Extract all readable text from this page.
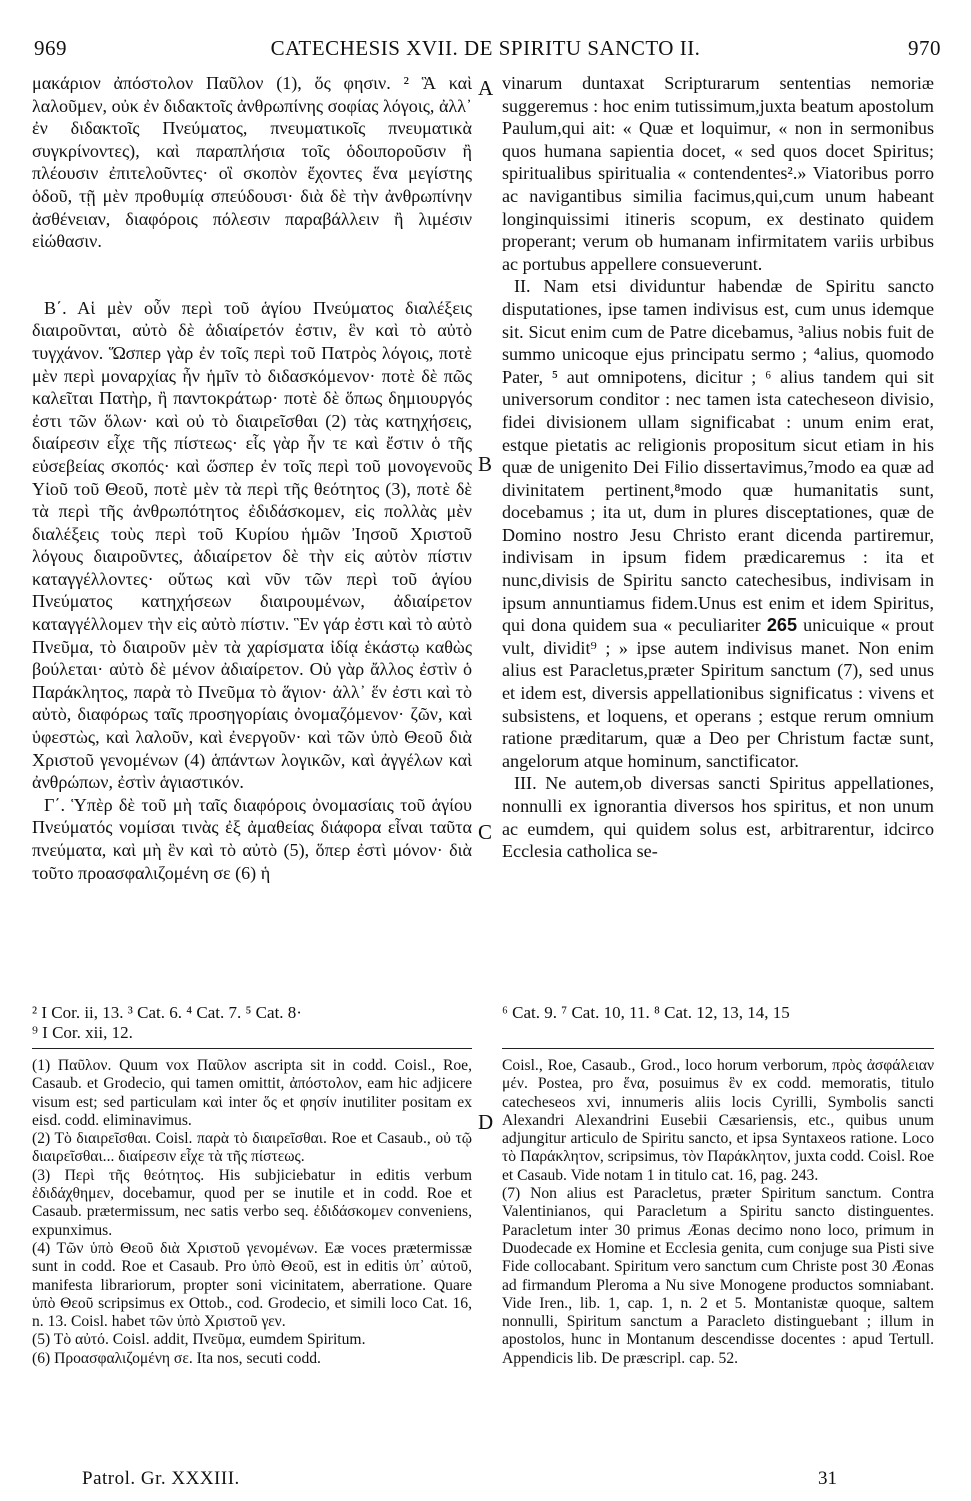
969	CATECHESIS XVII. DE SPIRITU SANCTO II.	970

μακάριον ἀπόστολον Παῦλον (1), ὅς φησιν. ² Ἃ καὶ λαλοῦμεν, οὐκ ἐν διδακτοῖς ἀνθρωπίνης σοφίας λόγοις, ἀλλ᾽ ἐν διδακτοῖς Πνεύματος, πνευματικοῖς πνευματικὰ συγκρίνοντες), καὶ παραπλήσια τοῖς ὁδοιποροῦσιν ἢ πλέουσιν ἐπιτελοῦντες· οἳ σκοπὸν ἔχοντες ἕνα μεγίστης ὁδοῦ, τῇ μὲν προθυμίᾳ σπεύδουσι· διὰ δὲ τὴν ἀνθρωπίνην ἀσθένειαν, διαφόροις πόλεσιν παραβάλλειν ἢ λιμέσιν εἰώθασιν.

Β΄. Αἱ μὲν οὖν περὶ τοῦ ἁγίου Πνεύματος διαλέξεις διαιροῦνται, αὐτὸ δὲ ἀδιαίρετόν ἐστιν, ἓν καὶ τὸ αὐτὸ τυγχάνον. Ὥσπερ γὰρ ἐν τοῖς περὶ τοῦ Πατρὸς λόγοις, ποτὲ μὲν περὶ μοναρχίας ἦν ἡμῖν τὸ διδασκόμενον· ποτὲ δὲ πῶς καλεῖται Πατὴρ, ἢ παντοκράτωρ· ποτὲ δὲ ὅπως δημιουργός ἐστι τῶν ὅλων· καὶ οὐ τὸ διαιρεῖσθαι (2) τὰς κατηχήσεις, διαίρεσιν εἶχε τῆς πίστεως· εἷς γὰρ ἦν τε καὶ ἔστιν ὁ τῆς εὐσεβείας σκοπός· καὶ ὥσπερ ἐν τοῖς περὶ τοῦ μονογενοῦς Υἱοῦ τοῦ Θεοῦ, ποτὲ μὲν τὰ περὶ τῆς θεότητος (3), ποτὲ δὲ τὰ περὶ τῆς ἀνθρωπότητος ἐδιδάσκομεν, εἰς πολλὰς μὲν διαλέξεις τοὺς περὶ τοῦ Κυρίου ἡμῶν Ἰησοῦ Χριστοῦ λόγους διαιροῦντες, ἀδιαίρετον δὲ τὴν εἰς αὐτὸν πίστιν καταγγέλλοντες· οὕτως καὶ νῦν τῶν περὶ τοῦ ἁγίου Πνεύματος κατηχήσεων διαιρουμένων, ἀδιαίρετον καταγγέλλομεν τὴν εἰς αὐτὸ πίστιν. Ἓν γάρ ἐστι καὶ τὸ αὐτὸ Πνεῦμα, τὸ διαιροῦν μὲν τὰ χαρίσματα ἰδίᾳ ἑκάστῳ καθὼς βούλεται· αὐτὸ δὲ μένον ἀδιαίρετον. Οὐ γὰρ ἄλλος ἐστὶν ὁ Παράκλητος, παρὰ τὸ Πνεῦμα τὸ ἅγιον· ἀλλ᾽ ἕν ἐστι καὶ τὸ αὐτὸ, διαφόρως ταῖς προσηγορίαις ὀνομαζόμενον· ζῶν, καὶ ὑφεστὼς, καὶ λαλοῦν, καὶ ἐνεργοῦν· καὶ τῶν ὑπὸ Θεοῦ διὰ Χριστοῦ γενομένων (4) ἁπάντων λογικῶν, καὶ ἀγγέλων καὶ ἀνθρώπων, ἐστὶν ἁγιαστικόν.

Γ΄. Ὑπὲρ δὲ τοῦ μὴ ταῖς διαφόροις ὀνομασίαις τοῦ ἁγίου Πνεύματός νομίσαι τινὰς ἐξ ἀμαθείας διάφορα εἶναι ταῦτα πνεύματα, καὶ μὴ ἓν καὶ τὸ αὐτὸ (5), ὅπερ ἐστὶ μόνον· διὰ τοῦτο προασφαλιζομένη σε (6) ἡ

A
B
C
D

vinarum duntaxat Scripturarum sententias nemoriæ suggeremus : hoc enim tutissimum,juxta beatum apostolum Paulum,qui ait: « Quæ et loquimur, « non in sermonibus quos humana sapientia docet, « sed quos docet Spiritus; spiritualibus spiritualia « contendentes².» Viatoribus porro ac navigantibus similia facimus,qui,cum unum habeant longinquissimi itineris scopum, ex destinato quidem properant; verum ob humanam infirmitatem variis urbibus ac portubus appellere consueverunt.

II. Nam etsi dividuntur habendæ de Spiritu sancto disputationes, ipse tamen indivisus est, cum unus idemque sit. Sicut enim cum de Patre dicebamus, ³alius nobis fuit de summo unicoque ejus principatu sermo ; ⁴alius, quomodo Pater, ⁵ aut omnipotens, dicitur ; ⁶ alius tandem qui sit universorum conditor : nec tamen ista catecheseon divisio, fidei divisionem ullam significabat : unum enim erat, estque pietatis ac religionis propositum sicut etiam in his quæ de unigenito Dei Filio dissertavimus,⁷modo ea quæ ad divinitatem pertinent,⁸modo quæ humanitatis sunt, docebamus ; ita ut, dum in plures disceptationes, quæ de Domino nostro Jesu Christo erant dicenda partiremur, indivisam in ipsum fidem prædicaremus : ita et nunc,divisis de Spiritu sancto catechesibus, indivisam in ipsum annuntiamus fidem.Unus est enim et idem Spiritus, qui dona quidem sua « peculiariter 265 unicuique « prout vult, dividit⁹ ; » ipse autem indivisus manet. Non enim alius est Paracletus,præter Spiritum sanctum (7), sed unus et idem est, diversis appellationibus significatus : vivens et subsistens, et loquens, et operans ; estque rerum omnium ratione præditarum, quæ a Deo per Christum factæ sunt, angelorum atque hominum, sanctificator.

III. Ne autem,ob diversas sancti Spiritus appellationes, nonnulli ex ignorantia diversos hos spiritus, et non unum ac eumdem, qui quidem solus est, arbitrarentur, idcirco Ecclesia catholica se-

² I Cor. ii, 13. ³ Cat. 6. ⁴ Cat. 7. ⁵ Cat. 8·

⁹ I Cor. xii, 12.

⁶ Cat. 9. ⁷ Cat. 10, 11. ⁸ Cat. 12, 13, 14, 15

(1) Παῦλον. Quum vox Παῦλον ascripta sit in codd. Coisl., Roe, Casaub. et Grodecio, qui tamen omittit, ἀπόστολον, eam hic adjicere visum est; sed particulam καὶ inter ὅς et φησίν inutiliter positam ex eisd. codd. eliminavimus.

(2) Τὸ διαιρεῖσθαι. Coisl. παρὰ τὸ διαιρεῖσθαι. Roe et Casaub., οὐ τῷ διαιρεῖσθαι... διαίρεσιν εἶχε τὰ τῆς πίστεως.

(3) Περὶ τῆς θεότητος. His subjiciebatur in editis verbum ἐδιδάχθημεν, docebamur, quod per se inutile et in codd. Roe et Casaub. prætermissum, nec satis verbo seq. ἐδιδάσκομεν conveniens, expunximus.

(4) Τῶν ὑπὸ Θεοῦ διὰ Χριστοῦ γενομένων. Eæ voces prætermissæ sunt in codd. Roe et Casaub. Pro ὑπὸ Θεοῦ, est in editis ὑπ᾽ αὐτοῦ, manifesta librariorum, propter soni vicinitatem, aberratione. Quare ὑπὸ Θεοῦ scripsimus ex Ottob., cod. Grodecio, et simili loco Cat. 16, n. 13. Coisl. habet τῶν ὑπὸ Χριστοῦ γεν.

(5) Τὸ αὐτό. Coisl. addit, Πνεῦμα, eumdem Spiritum.

(6) Προασφαλιζομένη σε. Ita nos, secuti codd.

Coisl., Roe, Casaub., Grod., loco horum verborum, πρὸς ἀσφάλειαν μέν. Postea, pro ἕνα, posuimus ἓν ex codd. memoratis, titulo catecheseos xvi, innumeris aliis locis Cyrilli, Symbolis sancti Alexandri Alexandrini Eusebii Cæsariensis, etc., quibus unum adjungitur articulo de Spiritu sancto, et ipsa Syntaxeos ratione. Loco τὸ Παράκλητον, scripsimus, τὸν Παράκλητον, juxta codd. Coisl. Roe et Casaub. Vide notam 1 in titulo cat. 16, pag. 243.

(7) Non alius est Paracletus, præter Spiritum sanctum. Contra Valentinianos, qui Paracletum a Spiritu sancto distinguentes. Paracletum inter 30 primus Æonas decimo nono loco, primum in Duodecade ex Homine et Ecclesia genita, cum conjuge sua Pisti sive Fide collocabant. Spiritum vero sanctum cum Christe post 30 Æonas ad firmandum Pleroma a Nu sive Monogene productos somniabant. Vide Iren., lib. 1, cap. 1, n. 2 et 5. Montanistæ quoque, saltem nonnulli, Spiritum sanctum a Paracleto distinguebant ; illum in apostolos, hunc in Montanum descendisse docentes : apud Tertull. Appendicis lib. De præscripl. cap. 52.

Patrol. Gr. XXXIII.	31
